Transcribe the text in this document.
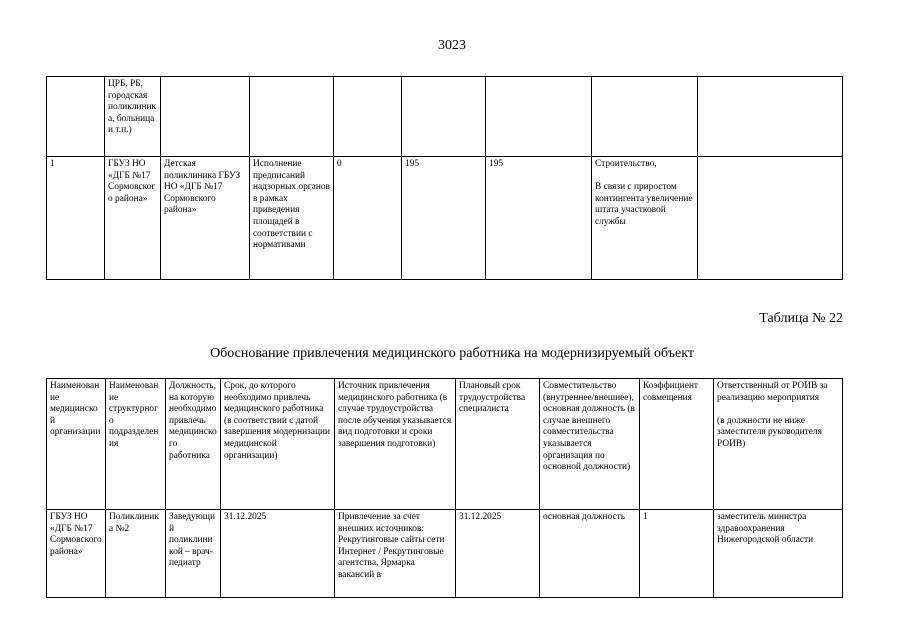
3023
	ЦРБ, РБ, городская поликлиника, больница и т.п.)							
1	ГБУЗ НО «ДГБ №17 Сормовского района»	Детская поликлиника ГБУЗ НО «ДГБ №17 Сормовского района»	Исполнение предписаний надзорных органов в рамках приведения площадей в соответствии с нормативами	0	195	195	Строительство,
В связи с приростом контингента увеличение штата участковой службы	
Таблица № 22
Обоснование привлечения медицинского работника на модернизируемый объект
Наименование медицинской организации	Наименование структурного подразделения	Должность, на которую необходимо привлечь медицинского работника	Срок, до которого необходимо привлечь медицинского работника (в соответствии с датой завершения модернизации медицинской организации)	Источник привлечения медицинского работника (в случае трудоустройства после обучения указывается вид подготовки и сроки завершения подготовки)	Плановый срок трудоустройства специалиста	Совместительство (внутреннее/внешнее), основная должность (в случае внешнего совместительства указывается организация по основной должности)	Коэффициент совмещения	Ответственный от РОИВ за реализацию мероприятия
(в должности не ниже заместителя руководителя РОИВ)
ГБУЗ НО «ДГБ №17 Сормовского района»	Поликлиника №2	Заведующий поликлиникой – врач-педиатр	31.12.2025	Привлечение за счет внешних источников: Рекрутинговые сайты сети Интернет / Рекрутинговые агентства, Ярмарка вакансий в	31.12.2025	основная должность	1	заместитель министра здравоохранения Нижегородской области
